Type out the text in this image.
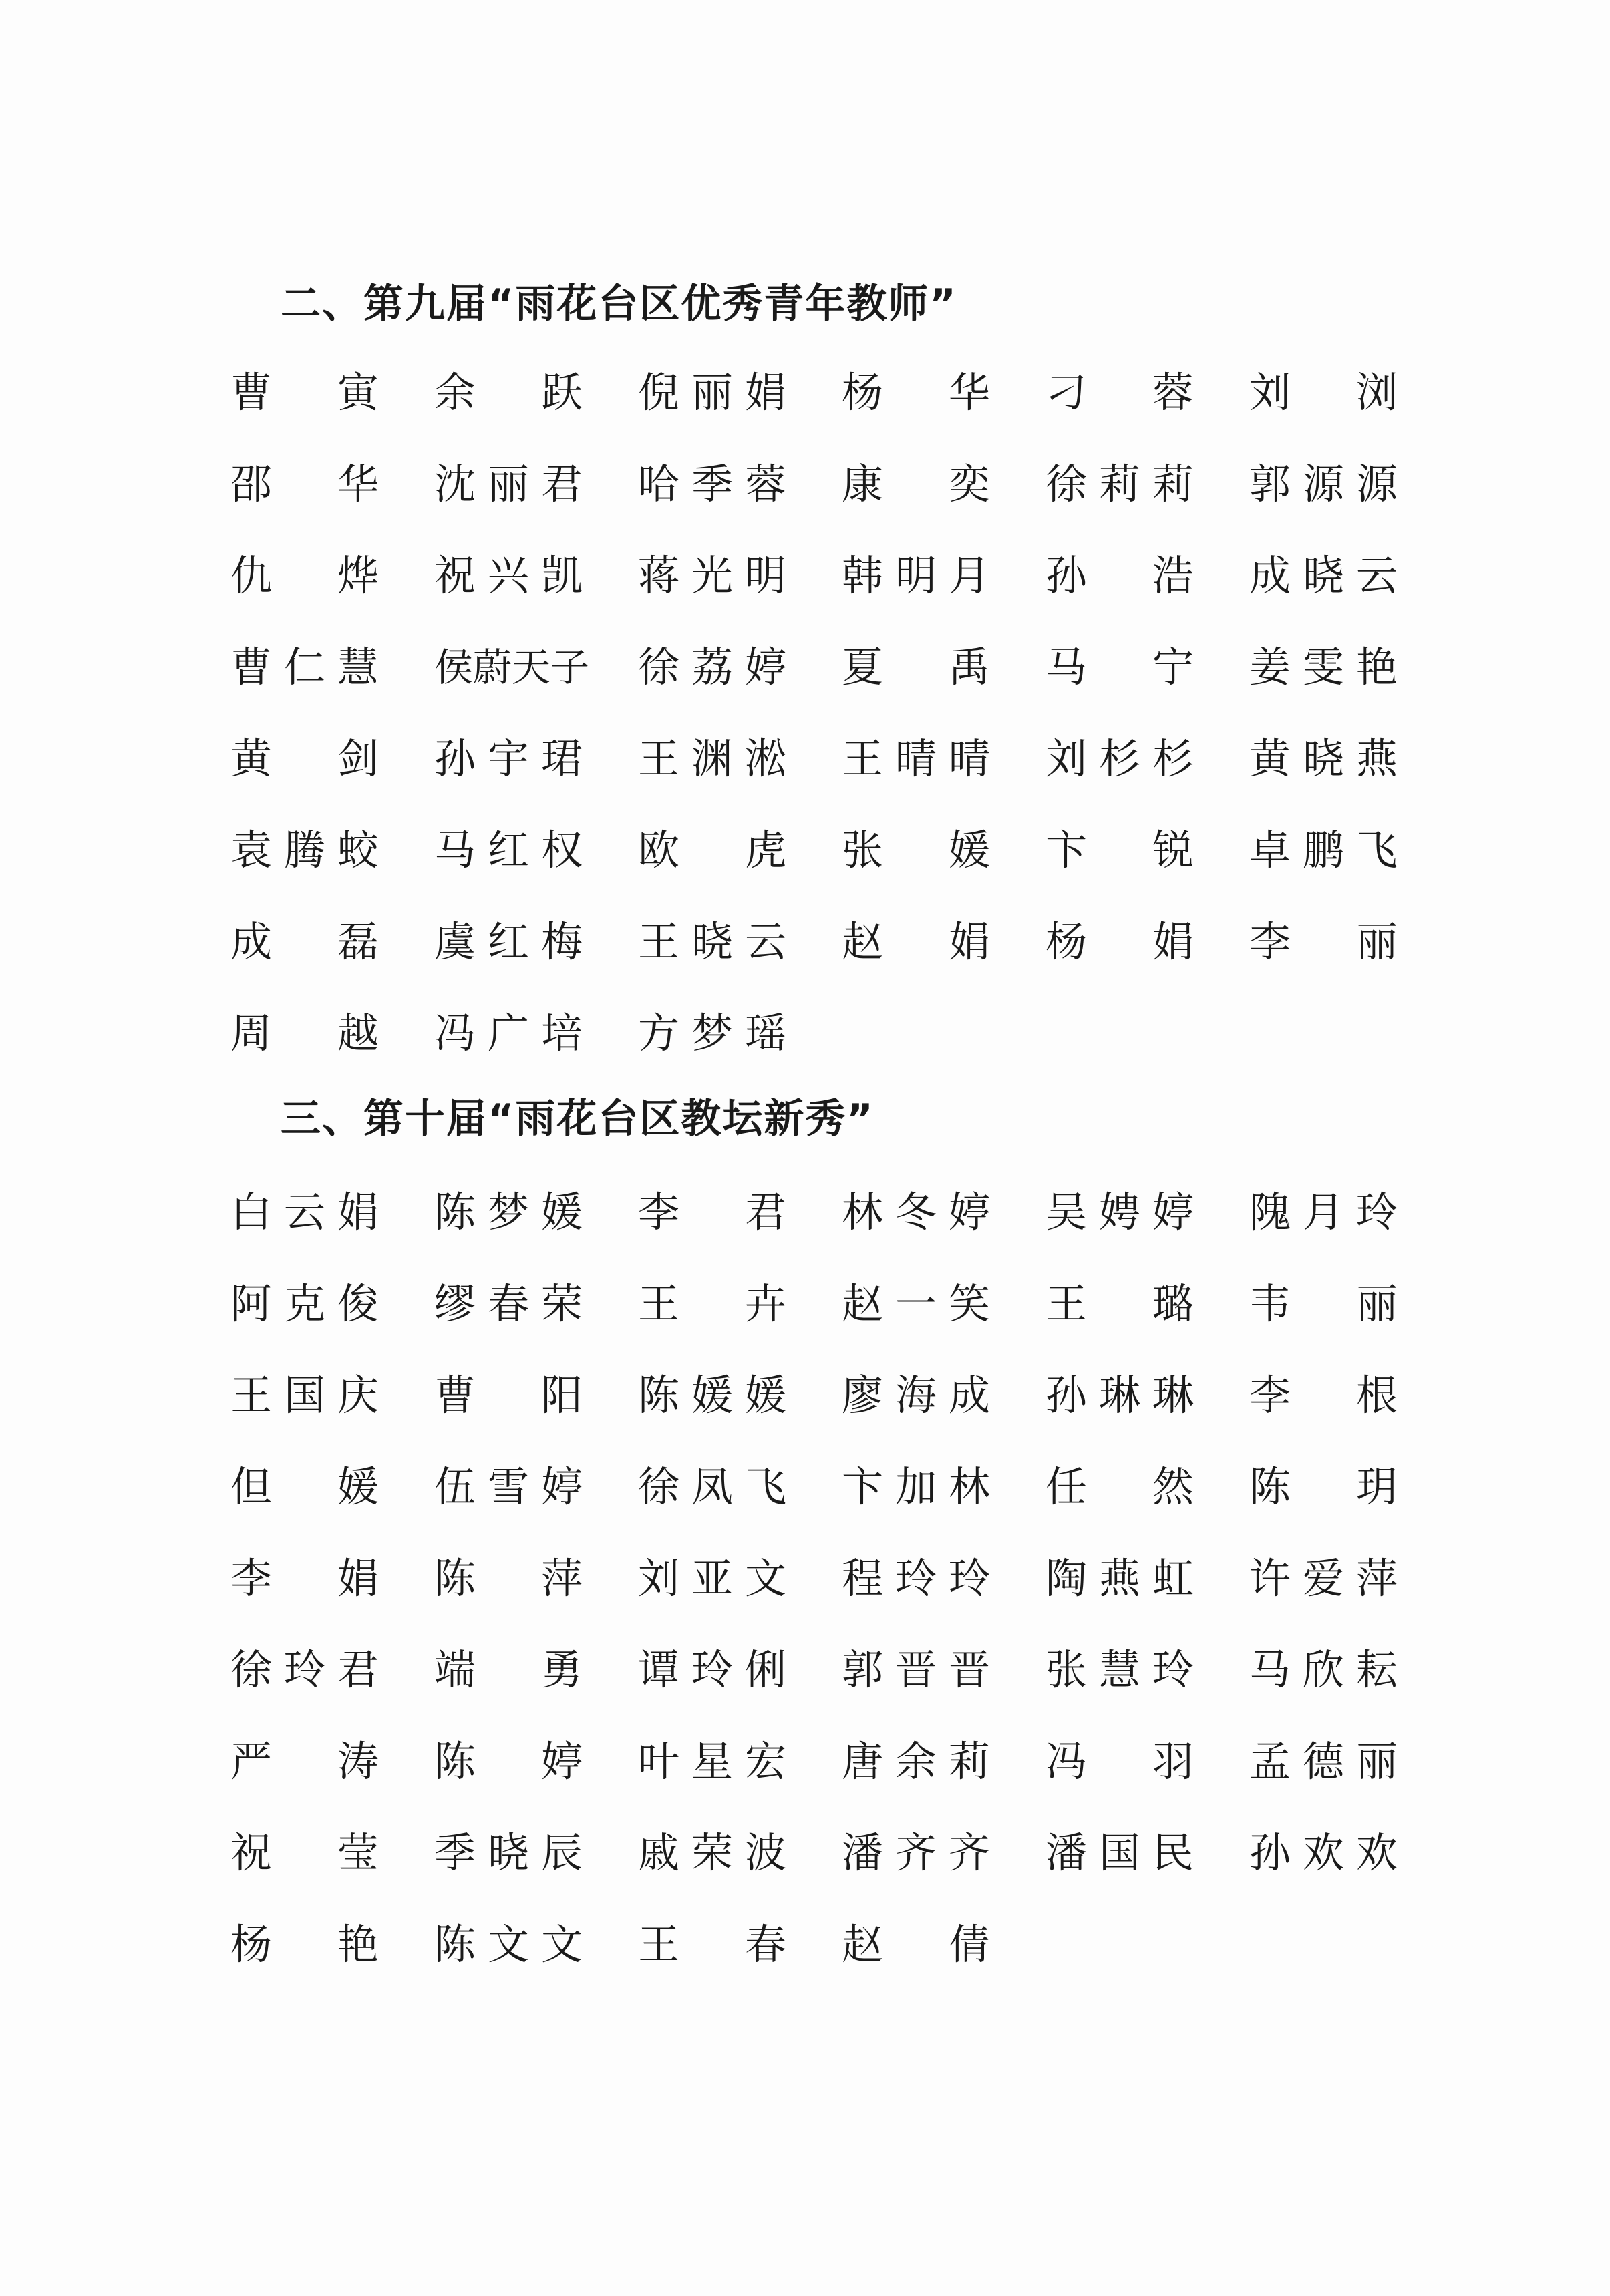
二、第九届“雨花台区优秀青年教师”
曹 寅 余 跃 倪 丽 娟 杨 华 刁 蓉 刘 浏
邵 华 沈 丽 君 哈 季 蓉 康 奕 徐 莉 莉 郭 源 源
仇 烨 祝 兴 凯 蒋 光 明 韩 明 月 孙 浩 成 晓 云
曹 仁 慧 侯 蔚 天 子 徐 荔 婷 夏 禹 马 宁 姜 雯 艳
黄 剑 孙 宇 珺 王 渊 淞 王 晴 晴 刘 杉 杉 黄 晓 燕
袁 腾 蛟 马 红 权 欧 虎 张 媛 卞 锐 卓 鹏 飞
成 磊 虞 红 梅 王 晓 云 赵 娟 杨 娟 李 丽
周 越 冯 广 培 方 梦 瑶
三、第十届“雨花台区教坛新秀”
白 云 娟 陈 梦 媛 李 君 林 冬 婷 吴 娉 婷 隗 月 玲
阿 克 俊 缪 春 荣 王 卉 赵 一 笑 王 璐 韦 丽
王 国 庆 曹 阳 陈 媛 媛 廖 海 成 孙 琳 琳 李 根
但 媛 伍 雪 婷 徐 凤 飞 卞 加 林 任 然 陈 玥
李 娟 陈 萍 刘 亚 文 程 玲 玲 陶 燕 虹 许 爱 萍
徐 玲 君 端 勇 谭 玲 俐 郭 晋 晋 张 慧 玲 马 欣 耘
严 涛 陈 婷 叶 星 宏 唐 余 莉 冯 羽 孟 德 丽
祝 莹 季 晓 辰 戚 荣 波 潘 齐 齐 潘 国 民 孙 欢 欢
杨 艳 陈 文 文 王 春 赵 倩
